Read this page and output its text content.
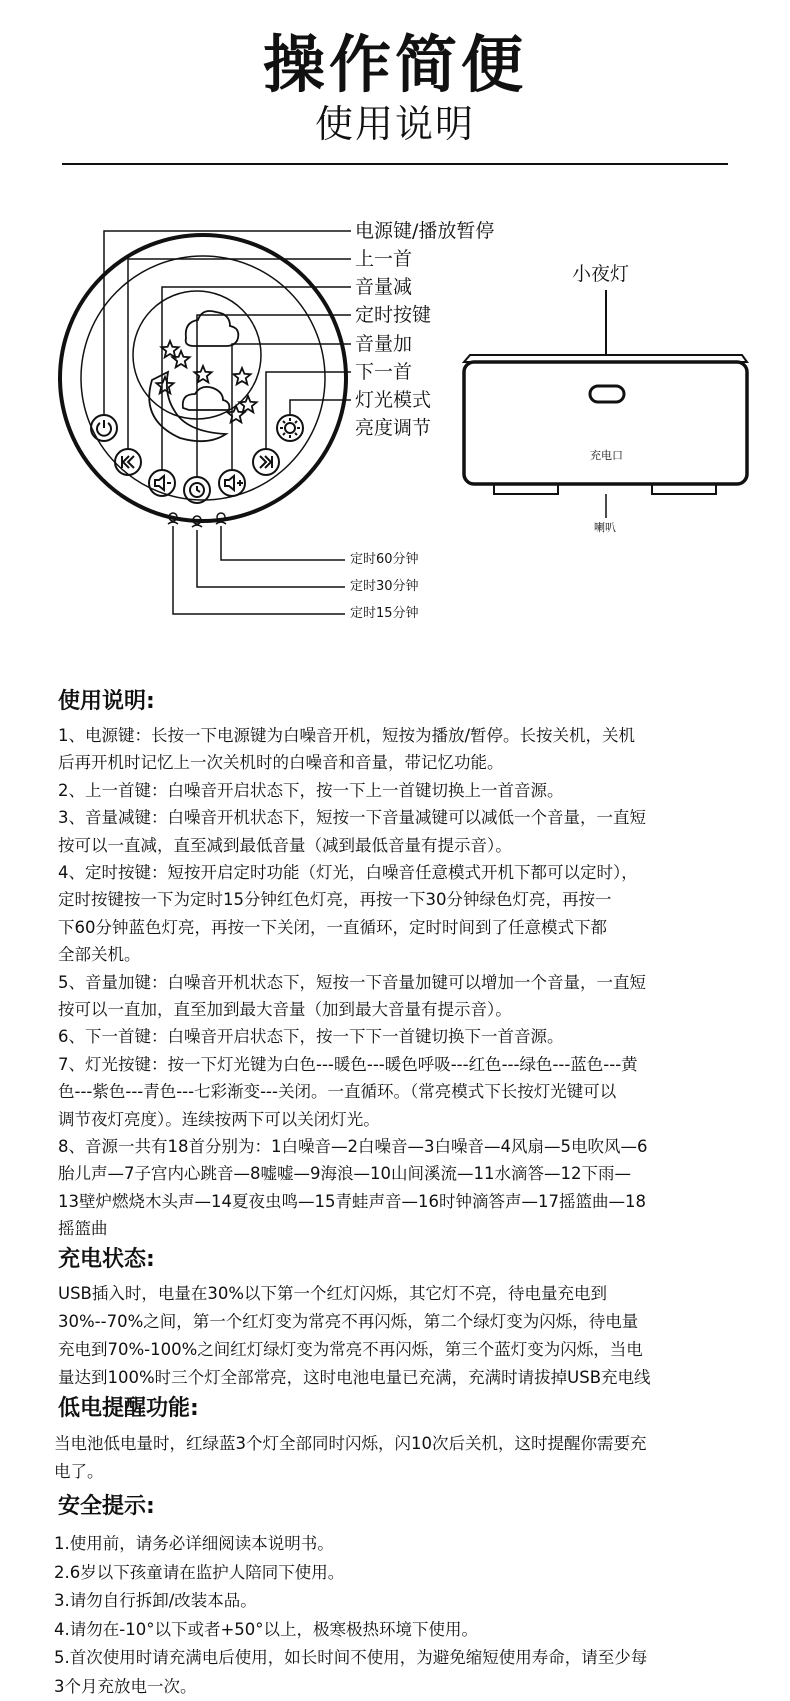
操作简便
使用说明
电源键/播放暂停
上一首
音量减
定时按键
音量加
下一首
灯光模式
亮度调节
定时60分钟
定时30分钟
定时15分钟
小夜灯
充电口
喇叭
使用说明:
1、电源键：长按一下电源键为白噪音开机，短按为播放/暂停。长按关机，关机
后再开机时记忆上一次关机时的白噪音和音量，带记忆功能。
2、上一首键：白噪音开启状态下，按一下上一首键切换上一首音源。
3、音量减键：白噪音开机状态下，短按一下音量减键可以减低一个音量，一直短
按可以一直减，直至减到最低音量（减到最低音量有提示音）。
4、定时按键：短按开启定时功能（灯光，白噪音任意模式开机下都可以定时），
定时按键按一下为定时15分钟红色灯亮，再按一下30分钟绿色灯亮，再按一
下60分钟蓝色灯亮，再按一下关闭，一直循环，定时时间到了任意模式下都
全部关机。
5、音量加键：白噪音开机状态下，短按一下音量加键可以增加一个音量，一直短
按可以一直加，直至加到最大音量（加到最大音量有提示音）。
6、下一首键：白噪音开启状态下，按一下下一首键切换下一首音源。
7、灯光按键：按一下灯光键为白色---暖色---暖色呼吸---红色---绿色---蓝色---黄
色---紫色---青色---七彩渐变---关闭。一直循环。（常亮模式下长按灯光键可以
调节夜灯亮度）。连续按两下可以关闭灯光。
8、音源一共有18首分别为：1白噪音—2白噪音—3白噪音—4风扇—5电吹风—6
胎儿声—7子宫内心跳音—8嘘嘘—9海浪—10山间溪流—11水滴答—12下雨—
13壁炉燃烧木头声—14夏夜虫鸣—15青蛙声音—16时钟滴答声—17摇篮曲—18
摇篮曲
充电状态:
USB插入时，电量在30%以下第一个红灯闪烁，其它灯不亮，待电量充电到
30%--70%之间，第一个红灯变为常亮不再闪烁，第二个绿灯变为闪烁，待电量
充电到70%-100%之间红灯绿灯变为常亮不再闪烁，第三个蓝灯变为闪烁，当电
量达到100%时三个灯全部常亮，这时电池电量已充满，充满时请拔掉USB充电线
低电提醒功能:
当电池低电量时，红绿蓝3个灯全部同时闪烁，闪10次后关机，这时提醒你需要充
电了。
安全提示:
1.使用前，请务必详细阅读本说明书。
2.6岁以下孩童请在监护人陪同下使用。
3.请勿自行拆卸/改装本品。
4.请勿在-10°以下或者+50°以上，极寒极热环境下使用。
5.首次使用时请充满电后使用，如长时间不使用，为避免缩短使用寿命，请至少每
3个月充放电一次。
